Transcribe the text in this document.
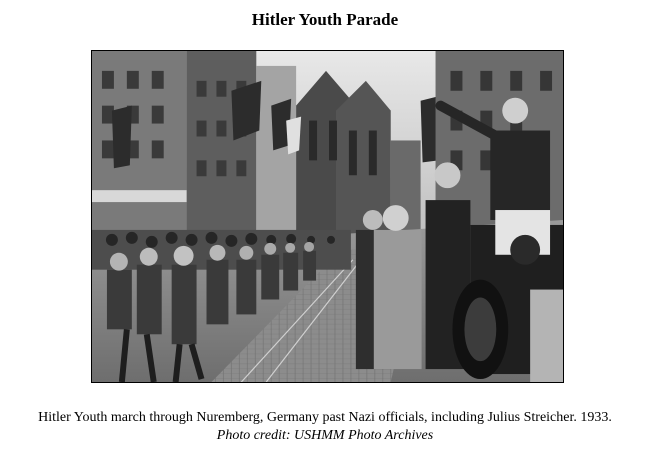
Hitler Youth Parade
Hitler Youth march through Nuremberg, Germany past Nazi officials, including Julius Streicher. 1933.
Photo credit: USHMM Photo Archives
